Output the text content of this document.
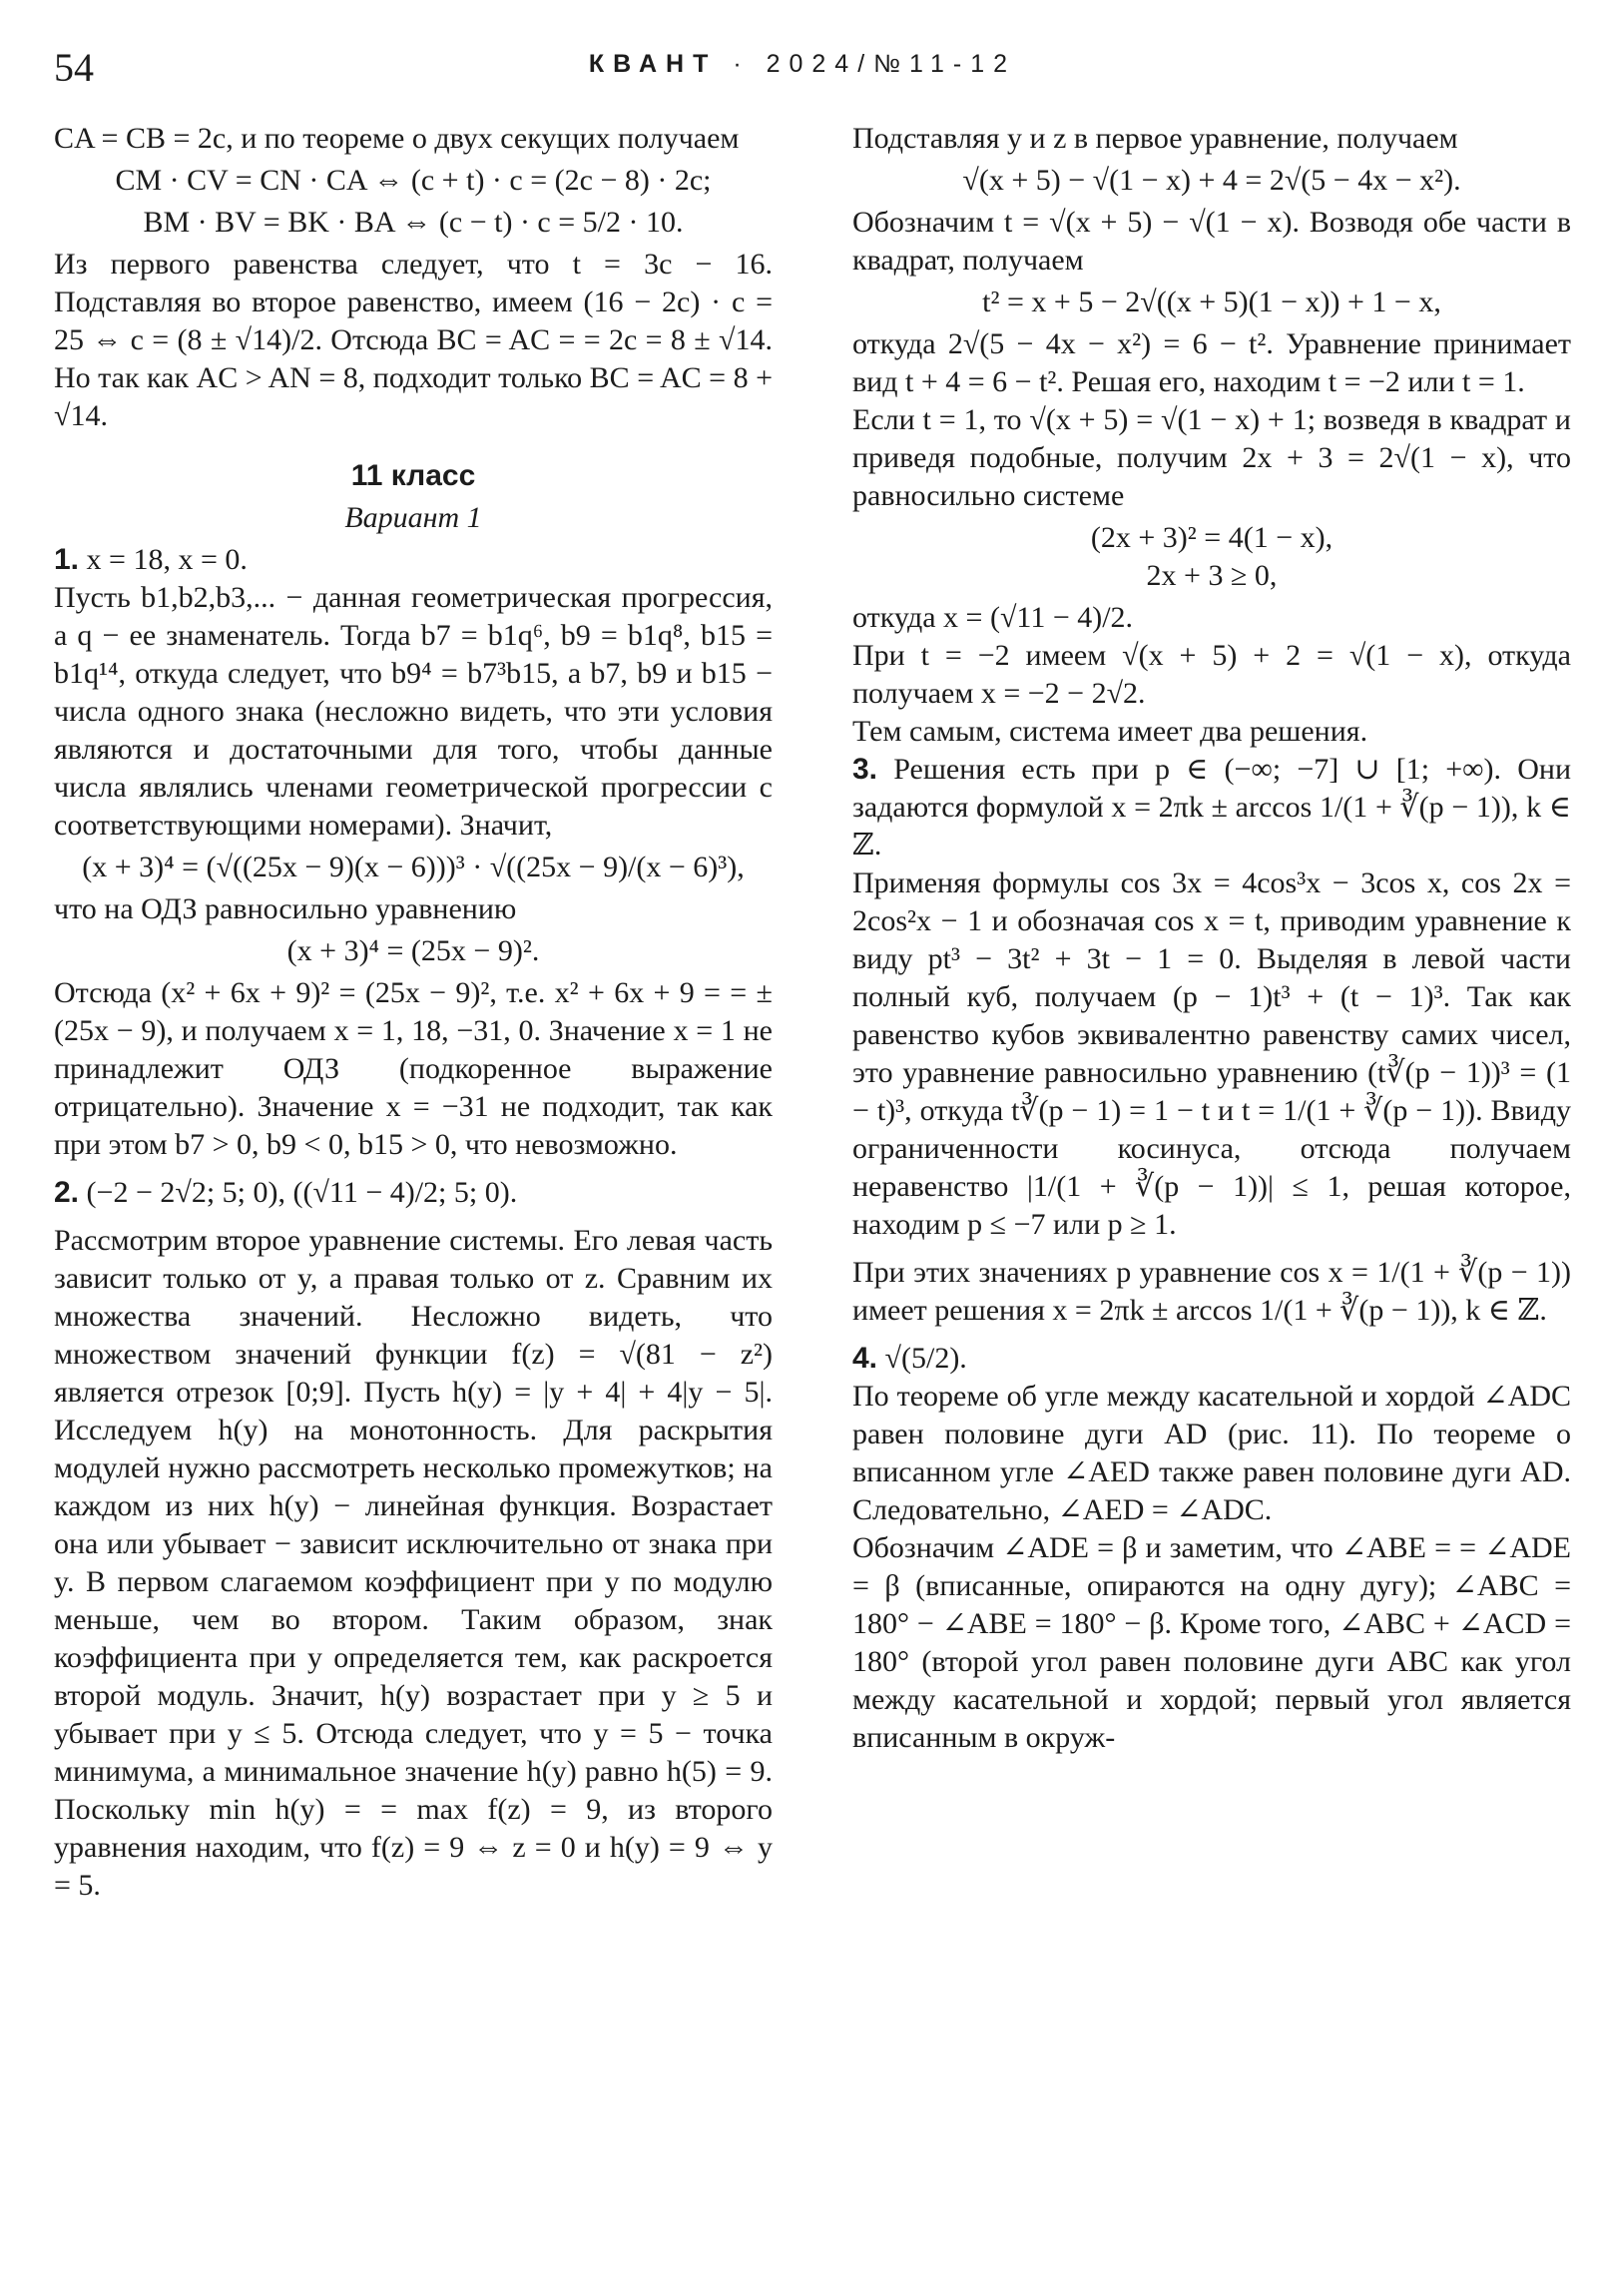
54	КВАНТ · 2024/№11-12

CA = CB = 2c, и по теореме о двух секущих получаем

CM · CV = CN · CA ⇔ (c + t) · c = (2c − 8) · 2c;
BM · BV = BK · BA ⇔ (c − t) · c = 5/2 · 10.

Из первого равенства следует, что t = 3c − 16. Подставляя во второе равенство, имеем (16 − 2c) · c = 25 ⇔ c = (8 ± √14)/2. Отсюда BC = AC = = 2c = 8 ± √14. Но так как AC > AN = 8, подходит только BC = AC = 8 + √14.

11 класс
Вариант 1

1. x = 18, x = 0.

Пусть b1,b2,b3,... − данная геометрическая прогрессия, а q − ее знаменатель. Тогда b7 = b1q⁶, b9 = b1q⁸, b15 = b1q¹⁴, откуда следует, что b9⁴ = b7³b15, а b7, b9 и b15 − числа одного знака (несложно видеть, что эти условия являются и достаточными для того, чтобы данные числа являлись членами геометрической прогрессии с соответствующими номерами). Значит,

(x + 3)⁴ = (√((25x − 9)(x − 6)))³ · √((25x − 9)/(x − 6)³),

что на ОДЗ равносильно уравнению

(x + 3)⁴ = (25x − 9)².

Отсюда (x² + 6x + 9)² = (25x − 9)², т.е. x² + 6x + 9 = = ±(25x − 9), и получаем x = 1, 18, −31, 0. Значение x = 1 не принадлежит ОДЗ (подкоренное выражение отрицательно). Значение x = −31 не подходит, так как при этом b7 > 0, b9 < 0, b15 > 0, что невозможно.

2. (−2 − 2√2; 5; 0), ((√11 − 4)/2; 5; 0).

Рассмотрим второе уравнение системы. Его левая часть зависит только от y, а правая только от z. Сравним их множества значений. Несложно видеть, что множеством значений функции f(z) = √(81 − z²) является отрезок [0;9]. Пусть h(y) = |y + 4| + 4|y − 5|. Исследуем h(y) на монотонность. Для раскрытия модулей нужно рассмотреть несколько промежутков; на каждом из них h(y) − линейная функция. Возрастает она или убывает − зависит исключительно от знака при y. В первом слагаемом коэффициент при y по модулю меньше, чем во втором. Таким образом, знак коэффициента при y определяется тем, как раскроется второй модуль. Значит, h(y) возрастает при y ≥ 5 и убывает при y ≤ 5. Отсюда следует, что y = 5 − точка минимума, а минимальное значение h(y) равно h(5) = 9. Поскольку min h(y) = = max f(z) = 9, из второго уравнения находим, что f(z) = 9 ⇔ z = 0 и h(y) = 9 ⇔ y = 5.

Подставляя y и z в первое уравнение, получаем

√(x + 5) − √(1 − x) + 4 = 2√(5 − 4x − x²).

Обозначим t = √(x + 5) − √(1 − x). Возводя обе части в квадрат, получаем

t² = x + 5 − 2√((x + 5)(1 − x)) + 1 − x,

откуда 2√(5 − 4x − x²) = 6 − t². Уравнение принимает вид t + 4 = 6 − t². Решая его, находим t = −2 или t = 1.

Если t = 1, то √(x + 5) = √(1 − x) + 1; возведя в квадрат и приведя подобные, получим 2x + 3 = 2√(1 − x), что равносильно системе

(2x + 3)² = 4(1 − x),
2x + 3 ≥ 0,

откуда x = (√11 − 4)/2.

При t = −2 имеем √(x + 5) + 2 = √(1 − x), откуда получаем x = −2 − 2√2.

Тем самым, система имеет два решения.

3. Решения есть при p ∈ (−∞; −7] ∪ [1; +∞). Они задаются формулой x = 2πk ± arccos 1/(1 + ∛(p − 1)), k ∈ ℤ.

Применяя формулы cos 3x = 4cos³x − 3cos x, cos 2x = 2cos²x − 1 и обозначая cos x = t, приводим уравнение к виду pt³ − 3t² + 3t − 1 = 0. Выделяя в левой части полный куб, получаем (p − 1)t³ + (t − 1)³. Так как равенство кубов эквивалентно равенству самих чисел, это уравнение равносильно уравнению (t∛(p − 1))³ = (1 − t)³, откуда t∛(p − 1) = 1 − t и t = 1/(1 + ∛(p − 1)). Ввиду ограниченности косинуса, отсюда получаем неравенство |1/(1 + ∛(p − 1))| ≤ 1, решая которое, находим p ≤ −7 или p ≥ 1.

При этих значениях p уравнение cos x = 1/(1 + ∛(p − 1)) имеет решения x = 2πk ± arccos 1/(1 + ∛(p − 1)), k ∈ ℤ.

4. √(5/2).

По теореме об угле между касательной и хордой ∠ADC равен половине дуги AD (рис. 11). По теореме о вписанном угле ∠AED также равен половине дуги AD. Следовательно, ∠AED = ∠ADC.

Обозначим ∠ADE = β и заметим, что ∠ABE = = ∠ADE = β (вписанные, опираются на одну дугу); ∠ABC = 180° − ∠ABE = 180° − β. Кроме того, ∠ABC + ∠ACD = 180° (второй угол равен половине дуги ABC как угол между касательной и хордой; первый угол является вписанным в окруж-
